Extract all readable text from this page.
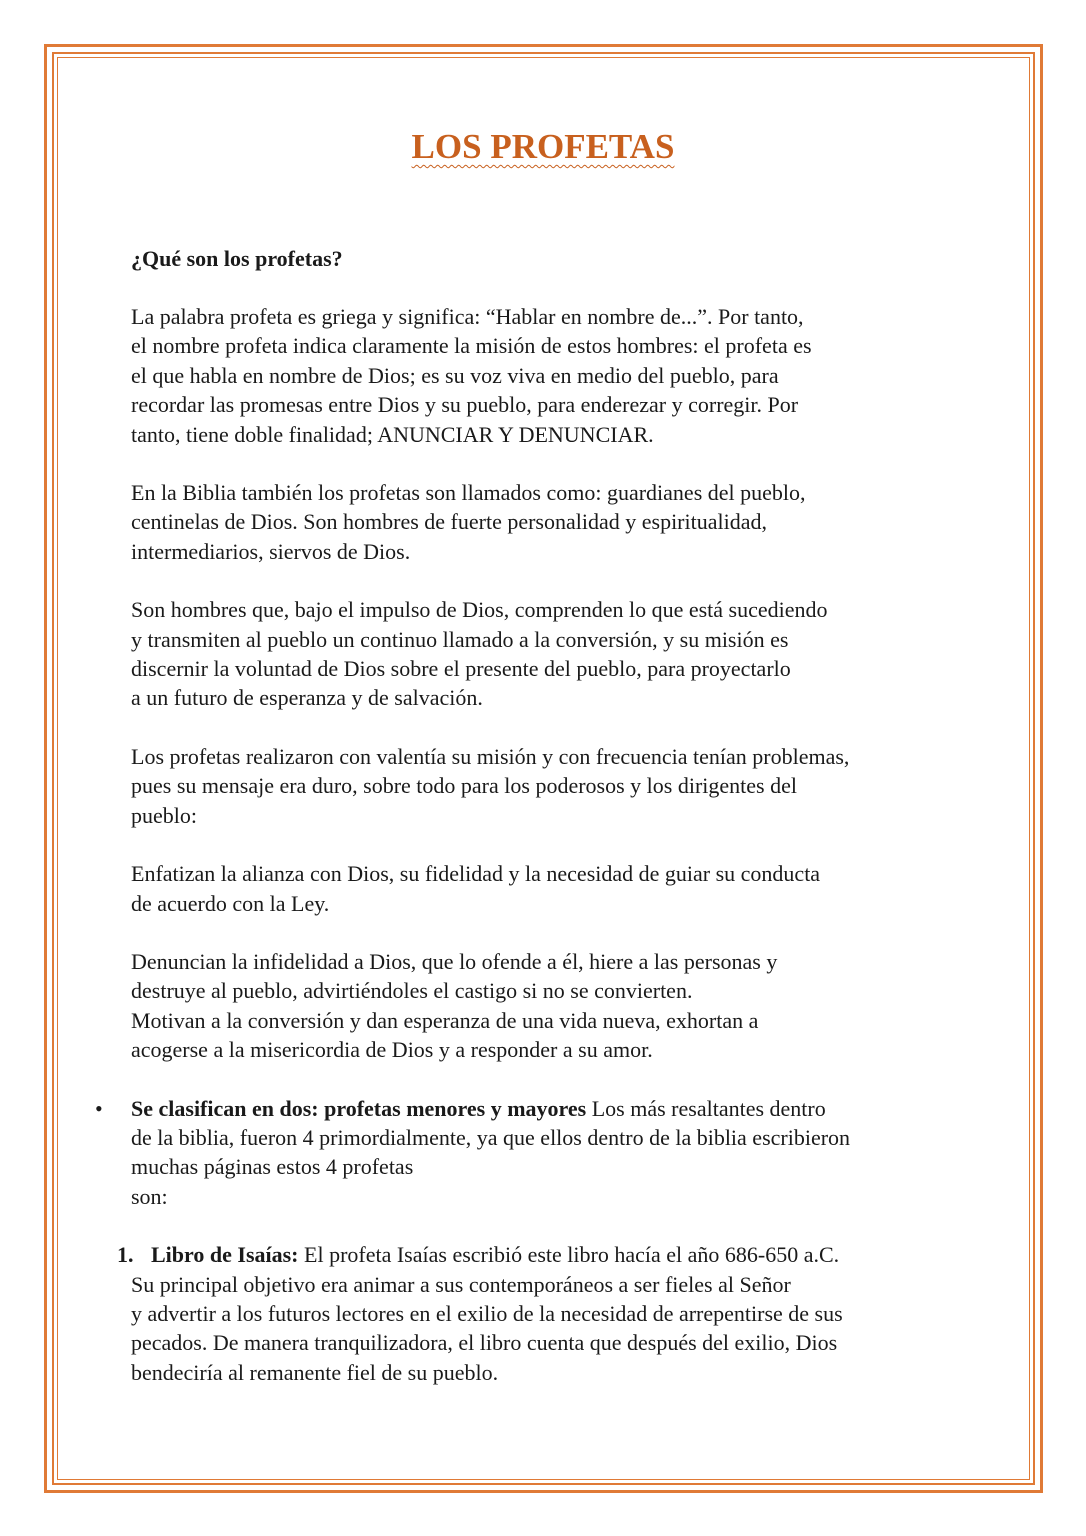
LOS PROFETAS
¿Qué son los profetas?

La palabra profeta es griega y significa: “Hablar en nombre de...”. Por tanto,
el nombre profeta indica claramente la misión de estos hombres: el profeta es
el que habla en nombre de Dios; es su voz viva en medio del pueblo, para
recordar las promesas entre Dios y su pueblo, para enderezar y corregir. Por
tanto, tiene doble finalidad; ANUNCIAR Y DENUNCIAR.

En la Biblia también los profetas son llamados como: guardianes del pueblo,
centinelas de Dios. Son hombres de fuerte personalidad y espiritualidad,
intermediarios, siervos de Dios.

Son hombres que, bajo el impulso de Dios, comprenden lo que está sucediendo
y transmiten al pueblo un continuo llamado a la conversión, y su misión es
discernir la voluntad de Dios sobre el presente del pueblo, para proyectarlo
a un futuro de esperanza y de salvación.

Los profetas realizaron con valentía su misión y con frecuencia tenían problemas,
pues su mensaje era duro, sobre todo para los poderosos y los dirigentes del
pueblo:

Enfatizan la alianza con Dios, su fidelidad y la necesidad de guiar su conducta
de acuerdo con la Ley.

Denuncian la infidelidad a Dios, que lo ofende a él, hiere a las personas y
destruye al pueblo, advirtiéndoles el castigo si no se convierten.

Motivan a la conversión y dan esperanza de una vida nueva, exhortan a
acogerse a la misericordia de Dios y a responder a su amor.

• Se clasifican en dos: profetas menores y mayores Los más resaltantes dentro
de la biblia, fueron 4 primordialmente, ya que ellos dentro de la biblia escribieron
muchas páginas estos 4 profetas
son:

1. Libro de Isaías: El profeta Isaías escribió este libro hacía el año 686-650 a.C.

Su principal objetivo era animar a sus contemporáneos a ser fieles al Señor
y advertir a los futuros lectores en el exilio de la necesidad de arrepentirse de sus
pecados. De manera tranquilizadora, el libro cuenta que después del exilio, Dios
bendeciría al remanente fiel de su pueblo.
